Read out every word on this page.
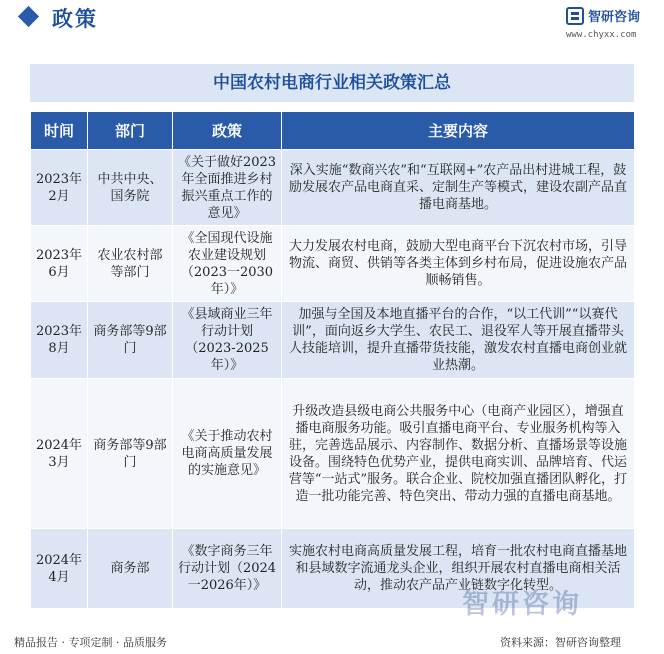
政策	智研咨询
www.chyxx.com
中国农村电商行业相关政策汇总
时间	部门	政策	主要内容
2023年2月	中共中央、国务院	《关于做好2023年全面推进乡村振兴重点工作的意见》	深入实施“数商兴农”和“互联网+”农产品出村进城工程，鼓励发展农产品电商直采、定制生产等模式，建设农副产品直播电商基地。
2023年6月	农业农村部等部门	《全国现代设施农业建设规划（2023一2030年）》	大力发展农村电商，鼓励大型电商平台下沉农村市场，引导物流、商贸、供销等各类主体到乡村布局，促进设施农产品顺畅销售。
2023年8月	商务部等9部门	《县域商业三年行动计划（2023-2025年）》	加强与全国及本地直播平台的合作，“以工代训”“以赛代训”，面向返乡大学生、农民工、退役军人等开展直播带头人技能培训，提升直播带货技能，激发农村直播电商创业就业热潮。
2024年3月	商务部等9部门	《关于推动农村电商高质量发展的实施意见》	升级改造县级电商公共服务中心（电商产业园区），增强直播电商服务功能。吸引直播电商平台、专业服务机构等入驻，完善选品展示、内容制作、数据分析、直播场景等设施设备。围绕特色优势产业，提供电商实训、品牌培育、代运营等“一站式”服务。联合企业、院校加强直播团队孵化，打造一批功能完善、特色突出、带动力强的直播电商基地。
2024年4月	商务部	《数字商务三年行动计划（2024一2026年）》	实施农村电商高质量发展工程，培育一批农村电商直播基地和县域数字流通龙头企业，组织开展农村直播电商相关活动，推动农产品产业链数字化转型。
智研咨询
精品报告 · 专项定制 · 品质服务	资料来源：智研咨询整理
